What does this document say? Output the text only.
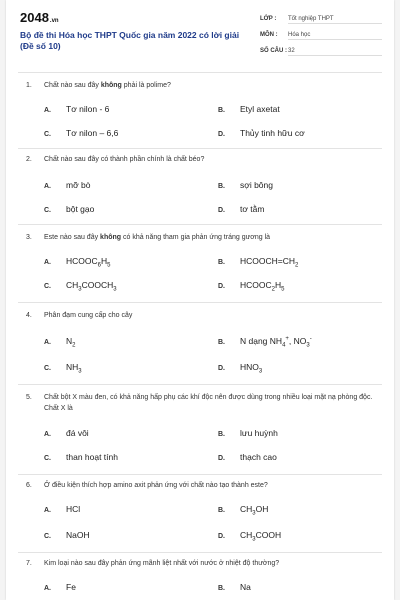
2048.vn
Bộ đề thi Hóa học THPT Quốc gia năm 2022 có lời giải (Đề số 10)
LỚP : Tốt nghiệp THPT
MÔN : Hóa học
SỐ CÂU : 32
1. Chất nào sau đây không phải là polime?
A. Tơ nilon - 6	B. Etyl axetat
C. Tơ nilon – 6,6	D. Thủy tinh hữu cơ
2. Chất nào sau đây có thành phần chính là chất béo?
A. mỡ bò	B. sợi bông
C. bột gạo	D. tơ tằm
3. Este nào sau đây không có khả năng tham gia phản ứng tráng gương là
A. $HCOOC_6H_5$	B. $HCOOCH=CH_2$
C. $CH_3COOCH_3$	D. $HCOOC_2H_5$
4. Phân đạm cung cấp cho cây
A. $N_2$	B. N dạng $NH_4^+$, $NO_3^-$
C. $NH_3$	D. $HNO_3$
5. Chất bột X màu đen, có khả năng hấp phụ các khí độc nên được dùng trong nhiều loại mặt nạ phòng độc. Chất X là
A. đá vôi	B. lưu huỳnh
C. than hoạt tính	D. thạch cao
6. Ở điều kiện thích hợp amino axit phản ứng với chất nào tạo thành este?
A. HCl	B. $CH_3OH$
C. NaOH	D. $CH_3COOH$
7. Kim loại nào sau đây phản ứng mãnh liệt nhất với nước ở nhiệt độ thường?
A. Fe	B. Na
